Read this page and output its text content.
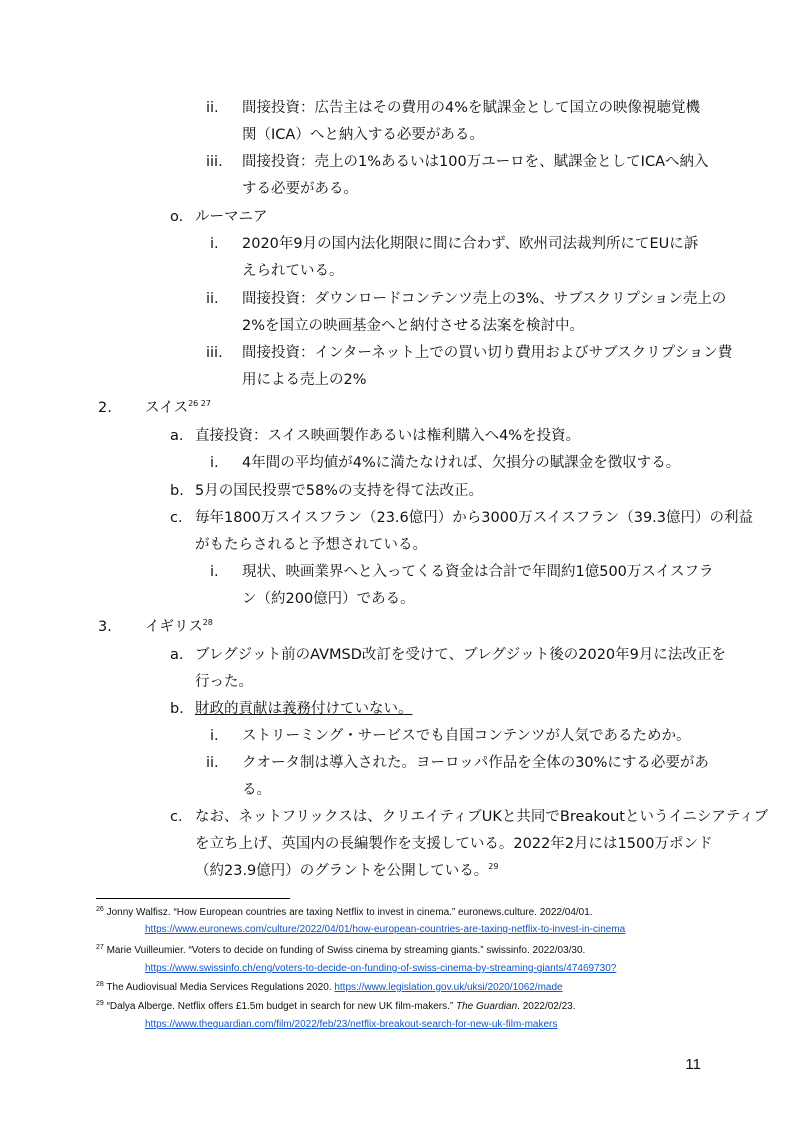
ii. 間接投資：広告主はその費用の4%を賦課金として国立の映像視聴覚機
関（ICA）へと納入する必要がある。
iii. 間接投資：売上の1%あるいは100万ユーロを、賦課金としてICAへ納入
する必要がある。
o. ルーマニア
i. 2020年9月の国内法化期限に間に合わず、欧州司法裁判所にてEUに訴
えられている。
ii. 間接投資：ダウンロードコンテンツ売上の3%、サブスクリプション売上の
2%を国立の映画基金へと納付させる法案を検討中。
iii. 間接投資：インターネット上での買い切り費用およびサブスクリプション費
用による売上の2%
2. スイス$^{26 27}$
a. 直接投資：スイス映画製作あるいは権利購入へ4%を投資。
i. 4年間の平均値が4%に満たなければ、欠損分の賦課金を徴収する。
b. 5月の国民投票で58%の支持を得て法改正。
c. 毎年1800万スイスフラン（23.6億円）から3000万スイスフラン（39.3億円）の利益
がもたらされると予想されている。
i. 現状、映画業界へと入ってくる資金は合計で年間約1億500万スイスフラ
ン（約200億円）である。
3. イギリス$^{28}$
a. ブレグジット前のAVMSD改訂を受けて、ブレグジット後の2020年9月に法改正を
行った。
b. 財政的貢献は義務付けていない。
i. ストリーミング・サービスでも自国コンテンツが人気であるためか。
ii. クオータ制は導入された。ヨーロッパ作品を全体の30%にする必要があ
る。
c. なお、ネットフリックスは、クリエイティブUKと共同でBreakoutというイニシアティブ
を立ち上げ、英国内の長編製作を支援している。2022年2月には1500万ポンド
（約23.9億円）のグラントを公開している。$^{29}$
$^{26}$ Jonny Walfisz. “How European countries are taxing Netflix to invest in cinema.” euronews.culture. 2022/04/01.
https://www.euronews.com/culture/2022/04/01/how-european-countries-are-taxing-netflix-to-invest-in-cinema
$^{27}$ Marie Vuilleumier. “Voters to decide on funding of Swiss cinema by streaming giants.” swissinfo. 2022/03/30.
https://www.swissinfo.ch/eng/voters-to-decide-on-funding-of-swiss-cinema-by-streaming-giants/47469730?
$^{28}$ The Audiovisual Media Services Regulations 2020. https://www.legislation.gov.uk/uksi/2020/1062/made
$^{29}$ “Dalya Alberge. Netflix offers £1.5m budget in search for new UK film-makers.” The Guardian. 2022/02/23.
https://www.theguardian.com/film/2022/feb/23/netflix-breakout-search-for-new-uk-film-makers
11
